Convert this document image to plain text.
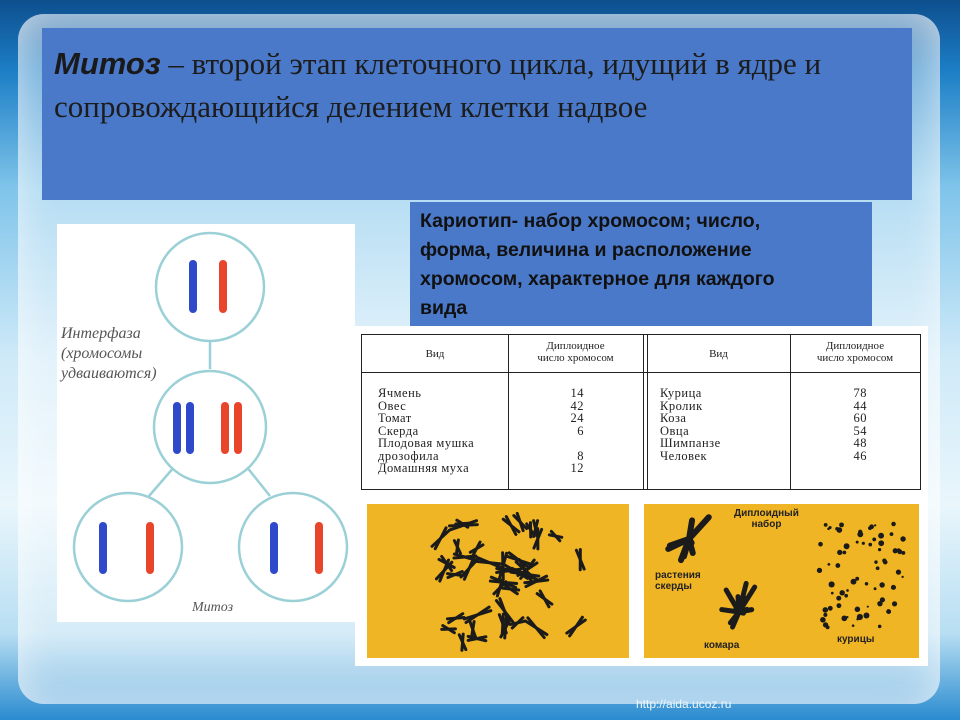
Митоз – второй этап клеточного цикла, идущий в ядре и сопровождающийся делением клетки надвое
Интерфаза
(хромосомы
удваиваются)
Митоз
Кариотип- набор хромосом; число,
форма, величина и расположение
хромосом, характерное для каждого
вида
Вид
Диплоидное
число хромосом	Вид
Диплоидное
число хромосом
Ячмень
Овес
Томат
Скерда
Плодовая мушка
дрозофила
Домашняя муха
14
42
24
6

8
12
Курица
Кролик
Коза
Овца
Шимпанзе
Человек
78
44
60
54
48
46
Диплоидный
набор
растения
скерды
комара
курицы
http://aida.ucoz.ru
